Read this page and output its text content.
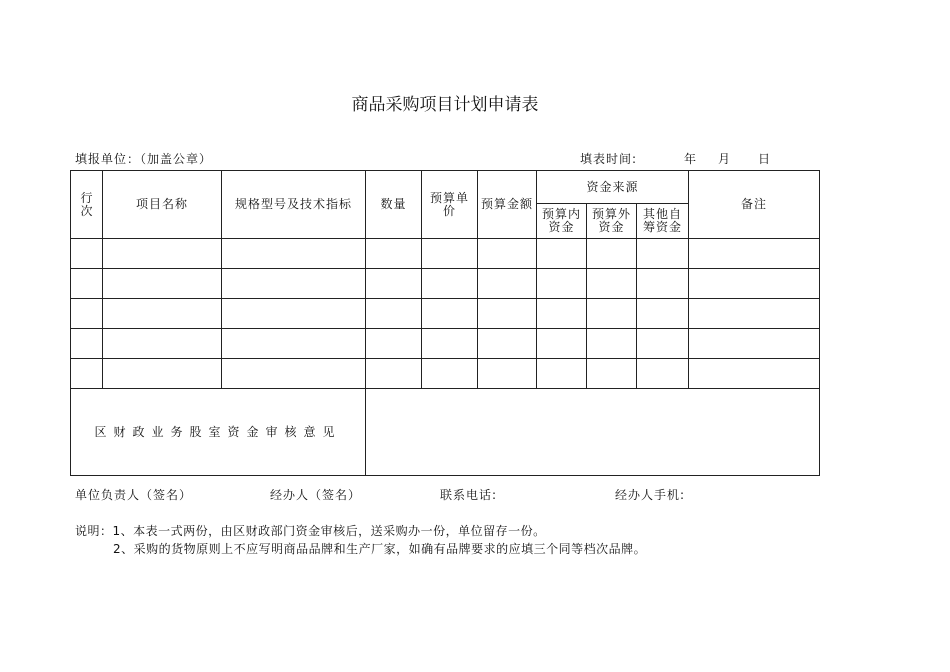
商品采购项目计划申请表
填报单位：（加盖公章）	填表时间:	年 月 日
行次	项目名称	规格型号及技术指标	数量	预算单价	预算金额	资金来源			备注

						预算内资金	预算外资金	其他自筹资金	

区财政业务股室资金审核意见									
单位负责人（签名）	经办人（签名）	联系电话:	经办人手机:
说明：1、本表一式两份，由区财政部门资金审核后，送采购办一份，单位留存一份。
2、采购的货物原则上不应写明商品品牌和生产厂家，如确有品牌要求的应填三个同等档次品牌。
